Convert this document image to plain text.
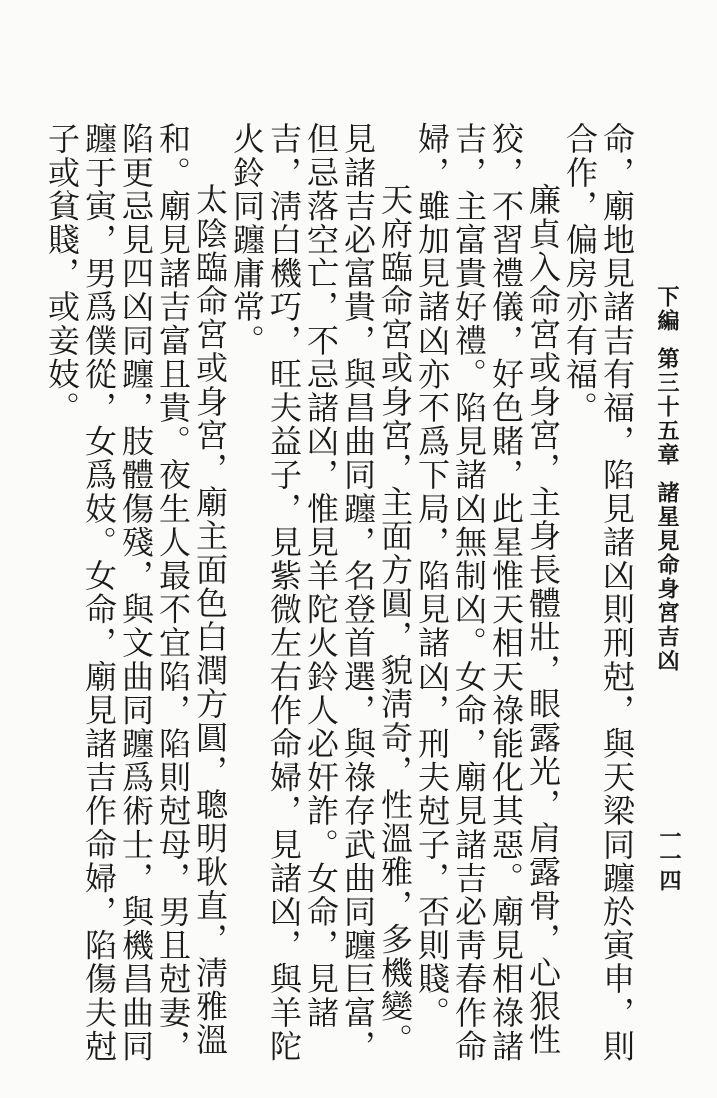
下編第三十五章諸星見命身宮吉凶
一一四

命，廟地見諸吉有福，陷見諸凶則刑尅，與天梁同躔於寅申，則合作，偏房亦有福。

廉貞入命宮或身宮，主身長體壯，眼露光，肩露骨，心狠性狡，不習禮儀，好色賭，此星惟天相天祿能化其惡。廟見相祿諸吉，主富貴好禮。陷見諸凶無制凶。女命，廟見諸吉必靑春作命婦，雖加見諸凶亦不爲下局，陷見諸凶，刑夫尅子，否則賤。

天府臨命宮或身宮，主面方圓，貌淸奇，性溫雅，多機變。見諸吉必富貴，與昌曲同躔，名登首選，與祿存武曲同躔巨富，但忌落空亡，不忌諸凶，惟見羊陀火鈴人必奸詐。女命，見諸吉，淸白機巧，旺夫益子，見紫微左右作命婦，見諸凶，與羊陀火鈴同躔庸常。

太陰臨命宮或身宮，廟主面色白潤方圓，聰明耿直，淸雅溫和。廟見諸吉富且貴。夜生人最不宜陷，陷則尅母，男且尅妻，陷更忌見四凶同躔，肢體傷殘，與文曲同躔爲術士，與機昌曲同躔于寅，男爲僕從，女爲妓。女命，廟見諸吉作命婦，陷傷夫尅子或貧賤，或妾妓。
